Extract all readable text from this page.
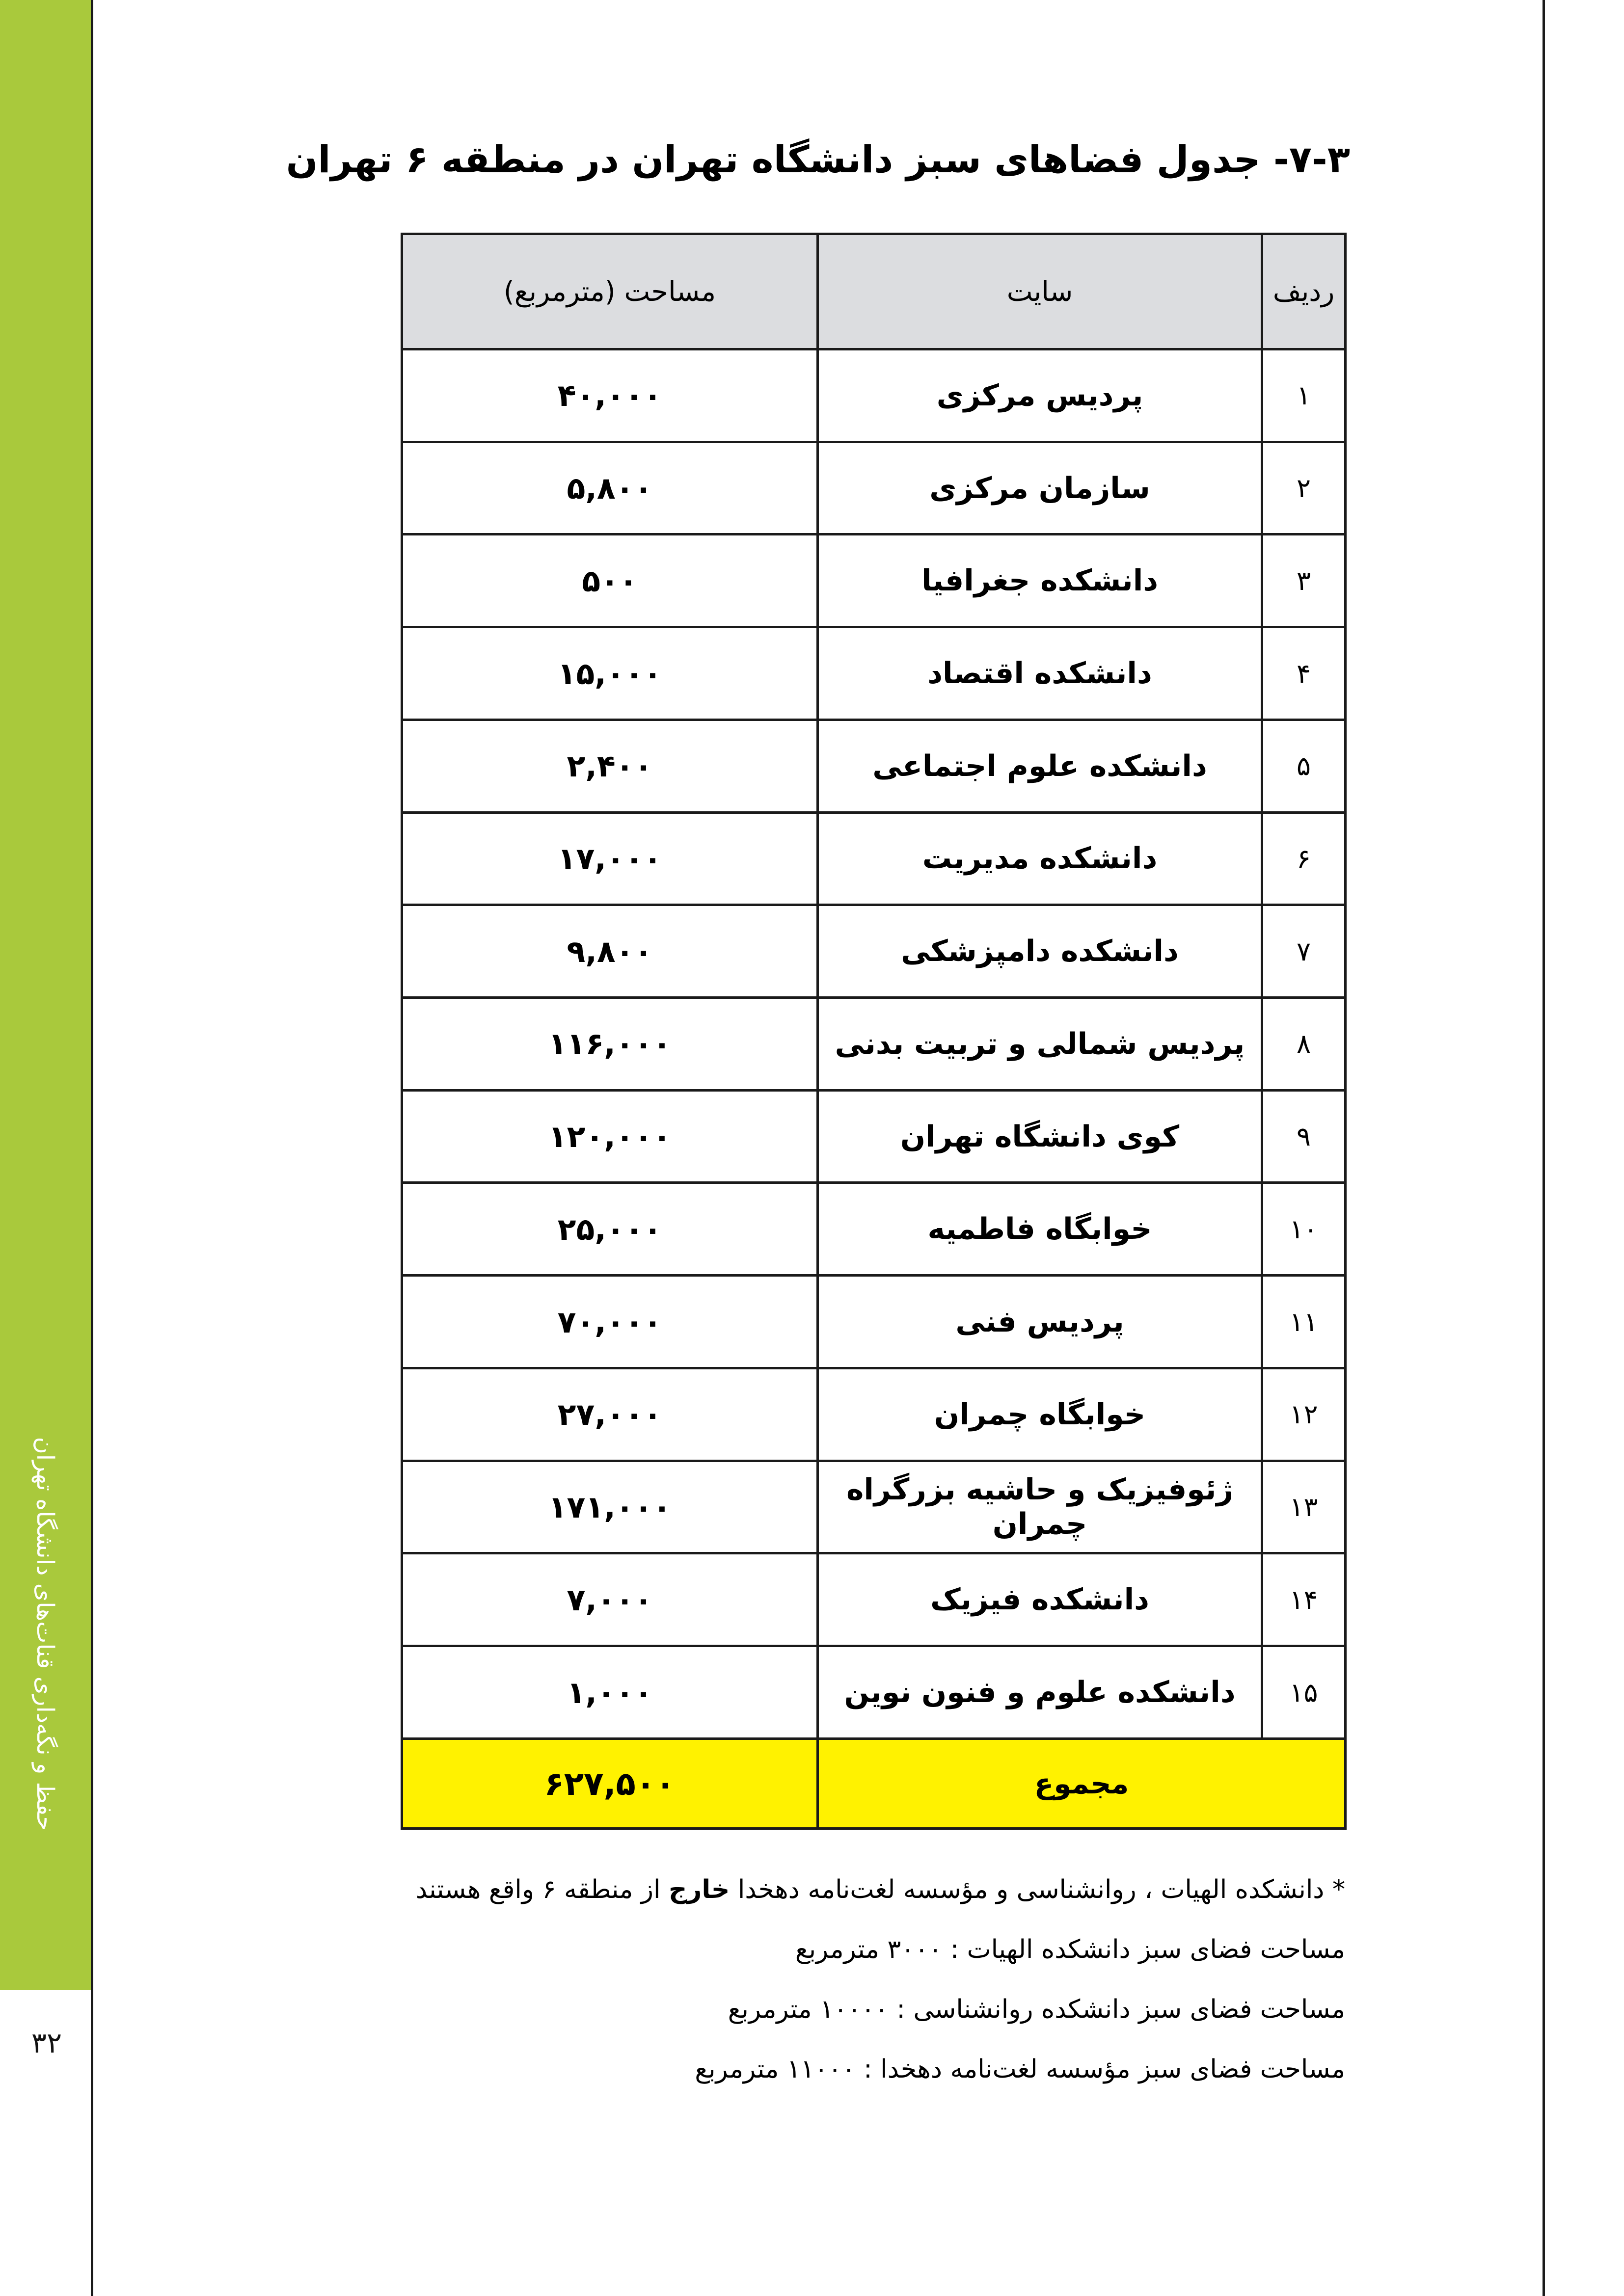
حفظ و نگه‌داری قنات‌های دانشگاه تهران
۳۲
۷-۳- جدول فضاهای سبز دانشگاه تهران در منطقه ۶ تهران
ردیف	سایت	مساحت (مترمربع)
۱	پردیس مرکزی	۴۰,۰۰۰
۲	سازمان مرکزی	۵,۸۰۰
۳	دانشکده جغرافیا	۵۰۰
۴	دانشکده اقتصاد	۱۵,۰۰۰
۵	دانشکده علوم اجتماعی	۲,۴۰۰
۶	دانشکده مدیریت	۱۷,۰۰۰
۷	دانشکده دامپزشکی	۹,۸۰۰
۸	پردیس شمالی و تربیت بدنی	۱۱۶,۰۰۰
۹	کوی دانشگاه تهران	۱۲۰,۰۰۰
۱۰	خوابگاه فاطمیه	۲۵,۰۰۰
۱۱	پردیس فنی	۷۰,۰۰۰
۱۲	خوابگاه چمران	۲۷,۰۰۰
۱۳	ژئوفیزیک و حاشیه بزرگراه چمران	۱۷۱,۰۰۰
۱۴	دانشکده فیزیک	۷,۰۰۰
۱۵	دانشکده علوم و فنون نوین	۱,۰۰۰
مجموع		۶۲۷,۵۰۰
* دانشکده الهیات ، روانشناسی و مؤسسه لغت‌نامه دهخدا خارج از منطقه ۶ واقع هستند
مساحت فضای سبز دانشکده الهیات : ۳۰۰۰ مترمربع
مساحت فضای سبز دانشکده روانشناسی : ۱۰۰۰۰ مترمربع
مساحت فضای سبز مؤسسه لغت‌نامه دهخدا : ۱۱۰۰۰ مترمربع
